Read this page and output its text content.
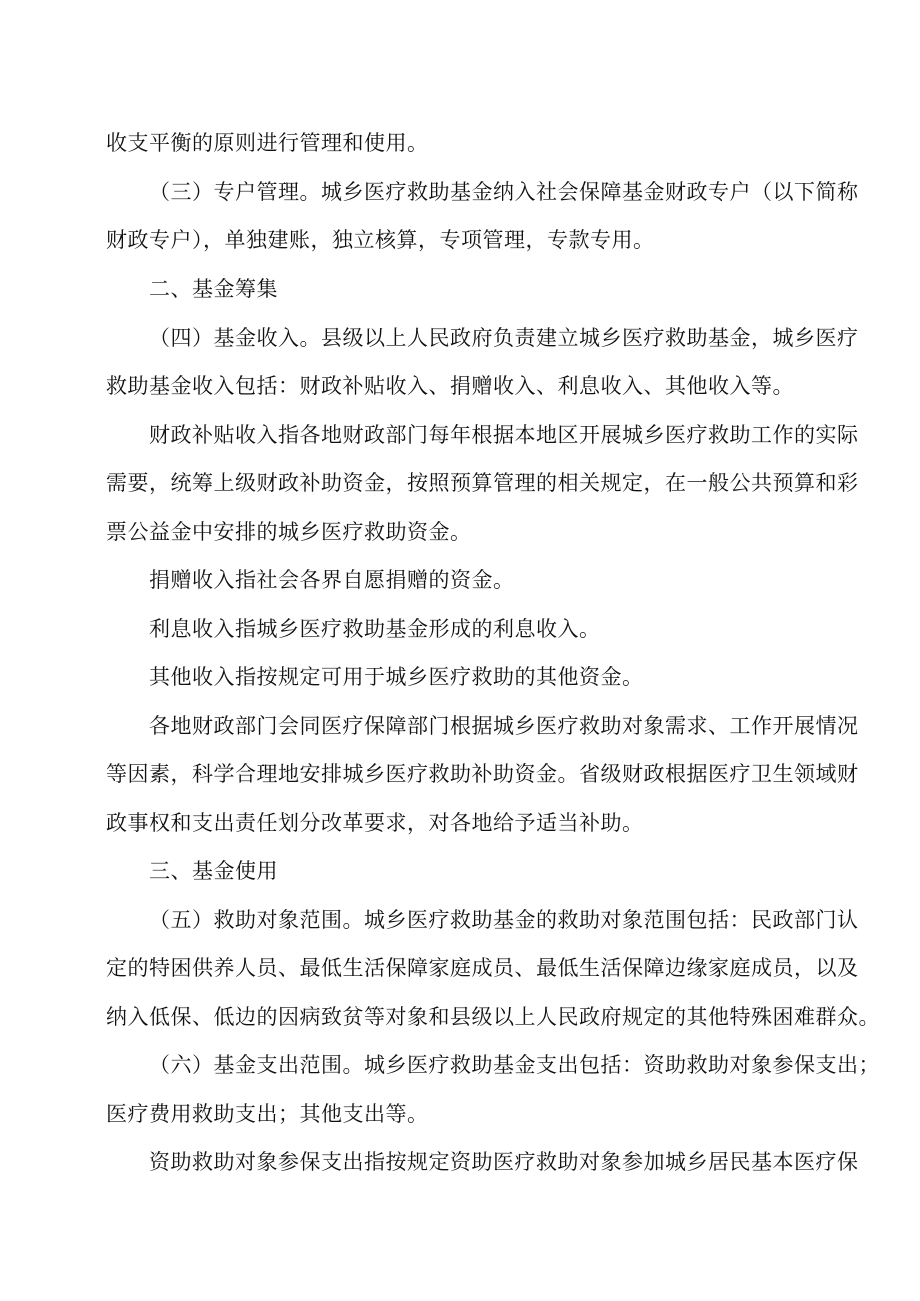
收支平衡的原则进行管理和使用。
（三）专户管理。城乡医疗救助基金纳入社会保障基金财政专户（以下简称
财政专户），单独建账，独立核算，专项管理，专款专用。
二、基金筹集
（四）基金收入。县级以上人民政府负责建立城乡医疗救助基金，城乡医疗
救助基金收入包括：财政补贴收入、捐赠收入、利息收入、其他收入等。
财政补贴收入指各地财政部门每年根据本地区开展城乡医疗救助工作的实际
需要，统筹上级财政补助资金，按照预算管理的相关规定，在一般公共预算和彩
票公益金中安排的城乡医疗救助资金。
捐赠收入指社会各界自愿捐赠的资金。
利息收入指城乡医疗救助基金形成的利息收入。
其他收入指按规定可用于城乡医疗救助的其他资金。
各地财政部门会同医疗保障部门根据城乡医疗救助对象需求、工作开展情况
等因素，科学合理地安排城乡医疗救助补助资金。省级财政根据医疗卫生领域财
政事权和支出责任划分改革要求，对各地给予适当补助。
三、基金使用
（五）救助对象范围。城乡医疗救助基金的救助对象范围包括：民政部门认
定的特困供养人员、最低生活保障家庭成员、最低生活保障边缘家庭成员，以及
纳入低保、低边的因病致贫等对象和县级以上人民政府规定的其他特殊困难群众。
（六）基金支出范围。城乡医疗救助基金支出包括：资助救助对象参保支出；
医疗费用救助支出；其他支出等。
资助救助对象参保支出指按规定资助医疗救助对象参加城乡居民基本医疗保
